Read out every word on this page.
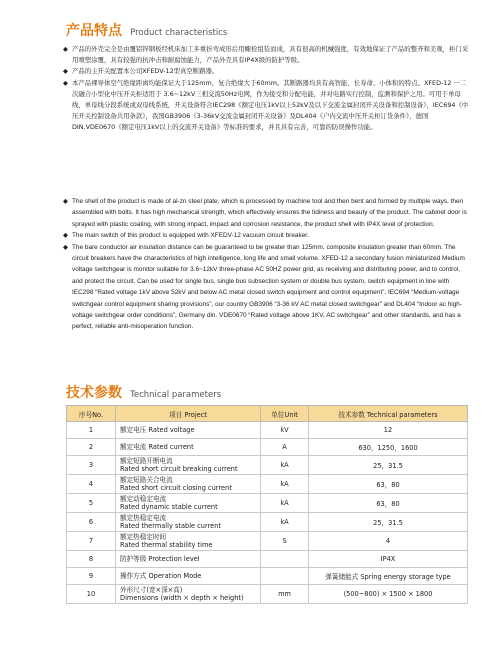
产品特点 Product characteristics
◆ 产品的外壳完全是由覆铝锌钢板经机床加工多重折弯成形后用螺栓组装而成，具有很高的机械强度，有效地保证了产品的整齐和美观，柜门采用喷塑涂覆，具有较强的抗冲击和耐腐蚀能力，产品外壳具有IP4X级的防护等级。
◆ 产品的主开关配置本公司XFEDV-12型真空断路器。
◆ 本产品裸导体空气绝缘距离均能保证大于125mm，复合绝缘大于60mm。其断路器均具有高智能、长寿命、小体积的特点。XFED-12 一二次融合小型化中压开关柜适用于 3.6~12kV三相交流50Hz电网，作为接受和分配电能，并对电路实行控制，监测和保护之用。可用于单母线，单母线分段系统或双母线系统，开关设备符合IEC298《额定电压1kV以上52kV及以下交流金属封闭开关设备和控制设备》，IEC694《中压开关控制设备共用条款》，我国GB3906《3-36kV交流金属封闭开关设备》及DL404《户内交流中压开关柜订货条件》，德国DIN.VDE0670《额定电压1kV以上的交流开关设备》等标准的要求，并且具有完善，可靠的防误操作功能。
◆ The shell of the product is made of al-zn steel plate, which is processed by machine tool and then bent and formed by multiple ways, then assembled with bolts. It has high mechanical strength, which effectively ensures the tidiness and beauty of the product. The cabinet door is sprayed with plastic coating, with strong impact, impact and corrosion resistance, the product shell with IP4X level of protection.
◆ The main switch of this product is equipped with XFEDV-12 vacuum circuit breaker.
◆ The bare conductor air insulation distance can be guaranteed to be greater than 125mm, composite insulation greater than 60mm. The circuit breakers have the characteristics of high intelligence, long life and small volume. XFED-12 a secondary fusion miniaturized Medium voltage switchgear is monitor suitable for 3.6~12kV three-phase AC 50HZ power grid, as receiving and distributing power, and to control, and protect the circuit. Can be used for single bus, single bus subsection system or double bus system, switch equipment in line with IEC298 “Rated voltage 1kV above 52kV and below AC metal closed switch equipment and control equipment”, IEC694 “Medium-voltage switchgear control equipment sharing provisions”, our country GB3906 “3-36 kV AC metal closed switchgear” and DL404 “Indoor ac high-voltage switchgear order conditions”, Germany din. VDE0670 “Rated voltage above 1KV, AC switchgear” and other standards, and has a perfect, reliable anti-misoperation function.
技术参数 Technical parameters
序号No.	项目 Project	单位Unit	技术参数 Technical parameters
1	额定电压 Rated voltage	kV	12
2	额定电流 Rated current	A	630，1250，1600
3	额定短路开断电流
Rated short circuit breaking current	kA	25，31.5
4	额定短路关合电流
Rated short circuit closing current	kA	63，80
5	额定动稳定电流
Rated dynamic stable current	kA	63，80
6	额定热稳定电流
Rated thermally stable current	kA	25，31.5
7	额定热稳定时间
Rated thermal stability time	S	4
8	防护等级 Protection level		IP4X
9	操作方式 Operation Mode		弹簧储能式 Spring energy storage type
10	外形尺寸(宽×深×高)
Dimensions (width × depth × height)	mm	(500~800) × 1500 × 1800
